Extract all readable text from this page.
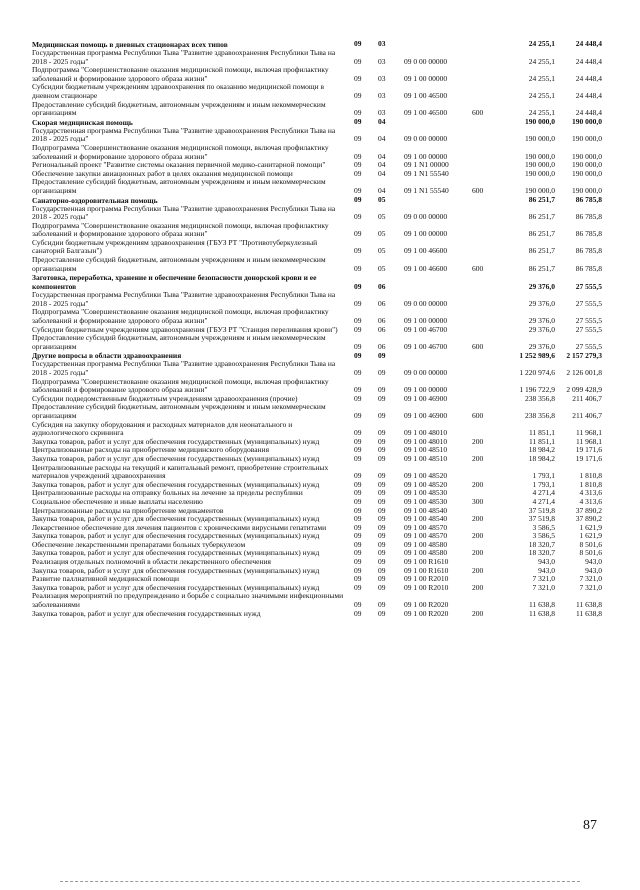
Медицинская помощь в дневных стационарах всех типов	09	03			24 255,1	24 448,4
Государственная программа Республики Тыва "Развитие здравоохранения Республики Тыва на 2018 - 2025 годы"	09	03	09 0 00 00000		24 255,1	24 448,4
Подпрограмма "Совершенствование оказания медицинской помощи, включая профилактику заболеваний и формирование здорового образа жизни"	09	03	09 1 00 00000		24 255,1	24 448,4
Субсидии бюджетным учреждениям здравоохранения по оказанию медицинской помощи в дневном стационаре	09	03	09 1 00 46500		24 255,1	24 448,4
Предоставление субсидий бюджетным, автономным учреждениям и иным некоммерческим организациям	09	03	09 1 00 46500	600	24 255,1	24 448,4
Скорая медицинская помощь	09	04			190 000,0	190 000,0
Государственная программа Республики Тыва "Развитие здравоохранения Республики Тыва на 2018 - 2025 годы"	09	04	09 0 00 00000		190 000,0	190 000,0
Подпрограмма "Совершенствование оказания медицинской помощи, включая профилактику заболеваний и формирование здорового образа жизни"	09	04	09 1 00 00000		190 000,0	190 000,0
Региональный проект "Развитие системы оказания первичной медико-санитарной помощи"	09	04	09 1 N1 00000		190 000,0	190 000,0
Обеспечение закупки авиационных работ в целях оказания медицинской помощи	09	04	09 1 N1 55540		190 000,0	190 000,0
Предоставление субсидий бюджетным, автономным учреждениям и иным некоммерческим организациям	09	04	09 1 N1 55540	600	190 000,0	190 000,0
Санаторно-оздоровительная помощь	09	05			86 251,7	86 785,8
Государственная программа Республики Тыва "Развитие здравоохранения Республики Тыва на 2018 - 2025 годы"	09	05	09 0 00 00000		86 251,7	86 785,8
Подпрограмма "Совершенствование оказания медицинской помощи, включая профилактику заболеваний и формирование здорового образа жизни"	09	05	09 1 00 00000		86 251,7	86 785,8
Субсидии бюджетным учреждениям здравоохранения (ГБУЗ РТ "Противотуберкулезный санаторий Балгазын")	09	05	09 1 00 46600		86 251,7	86 785,8
Предоставление субсидий бюджетным, автономным учреждениям и иным некоммерческим организациям	09	05	09 1 00 46600	600	86 251,7	86 785,8
Заготовка, переработка, хранение и обеспечение безопасности донорской крови и ее компонентов	09	06			29 376,0	27 555,5
Государственная программа Республики Тыва "Развитие здравоохранения Республики Тыва на 2018 - 2025 годы"	09	06	09 0 00 00000		29 376,0	27 555,5
Подпрограмма "Совершенствование оказания медицинской помощи, включая профилактику заболеваний и формирование здорового образа жизни"	09	06	09 1 00 00000		29 376,0	27 555,5
Субсидии бюджетным учреждениям здравоохранения (ГБУЗ РТ "Станция переливания крови")	09	06	09 1 00 46700		29 376,0	27 555,5
Предоставление субсидий бюджетным, автономным учреждениям и иным некоммерческим организациям	09	06	09 1 00 46700	600	29 376,0	27 555,5
Другие вопросы в области здравоохранения	09	09			1 252 989,6	2 157 279,3
Государственная программа Республики Тыва "Развитие здравоохранения Республики Тыва на 2018 - 2025 годы"	09	09	09 0 00 00000		1 220 974,6	2 126 001,8
Подпрограмма "Совершенствование оказания медицинской помощи, включая профилактику заболеваний и формирование здорового образа жизни"	09	09	09 1 00 00000		1 196 722,9	2 099 428,9
Субсидии подведомственным бюджетным учреждениям здравоохранения (прочие)	09	09	09 1 00 46900		238 356,8	211 406,7
Предоставление субсидий бюджетным, автономным учреждениям и иным некоммерческим организациям	09	09	09 1 00 46900	600	238 356,8	211 406,7
Субсидия на закупку оборудования и расходных материалов для неонатального и аудиологического скрининга	09	09	09 1 00 48010		11 851,1	11 968,1
Закупка товаров, работ и услуг для обеспечения государственных (муниципальных) нужд	09	09	09 1 00 48010	200	11 851,1	11 968,1
Централизованные расходы на приобретение медицинского оборудования	09	09	09 1 00 48510		18 984,2	19 171,6
Закупка товаров, работ и услуг для обеспечения государственных (муниципальных) нужд	09	09	09 1 00 48510	200	18 984,2	19 171,6
Централизованные расходы на текущий и капитальный ремонт, приобретение строительных материалов учреждений здравоохранения	09	09	09 1 00 48520		1 793,1	1 810,8
Закупка товаров, работ и услуг для обеспечения государственных (муниципальных) нужд	09	09	09 1 00 48520	200	1 793,1	1 810,8
Централизованные расходы на отправку больных на лечение за пределы республики	09	09	09 1 00 48530		4 271,4	4 313,6
Социальное обеспечение и иные выплаты населению	09	09	09 1 00 48530	300	4 271,4	4 313,6
Централизованные расходы на приобретение медикаментов	09	09	09 1 00 48540		37 519,8	37 890,2
Закупка товаров, работ и услуг для обеспечения государственных (муниципальных) нужд	09	09	09 1 00 48540	200	37 519,8	37 890,2
Лекарственное обеспечение для лечения пациентов с хроническими вирусными гепатитами	09	09	09 1 00 48570		3 586,5	1 621,9
Закупка товаров, работ и услуг для обеспечения государственных (муниципальных) нужд	09	09	09 1 00 48570	200	3 586,5	1 621,9
Обеспечение лекарственными препаратами больных туберкулезом	09	09	09 1 00 48580		18 320,7	8 501,6
Закупка товаров, работ и услуг для обеспечения государственных (муниципальных) нужд	09	09	09 1 00 48580	200	18 320,7	8 501,6
Реализация отдельных полномочий в области лекарственного обеспечения	09	09	09 1 00 R1610		943,0	943,0
Закупка товаров, работ и услуг для обеспечения государственных (муниципальных) нужд	09	09	09 1 00 R1610	200	943,0	943,0
Развитие паллиативной медицинской помощи	09	09	09 1 00 R2010		7 321,0	7 321,0
Закупка товаров, работ и услуг для обеспечения государственных (муниципальных) нужд	09	09	09 1 00 R2010	200	7 321,0	7 321,0
Реализация мероприятий по предупреждению и борьбе с социально значимыми инфекционными заболеваниями	09	09	09 1 00 R2020		11 638,8	11 638,8
Закупка товаров, работ и услуг для обеспечения государственных нужд	09	09	09 1 00 R2020	200	11 638,8	11 638,8
87
